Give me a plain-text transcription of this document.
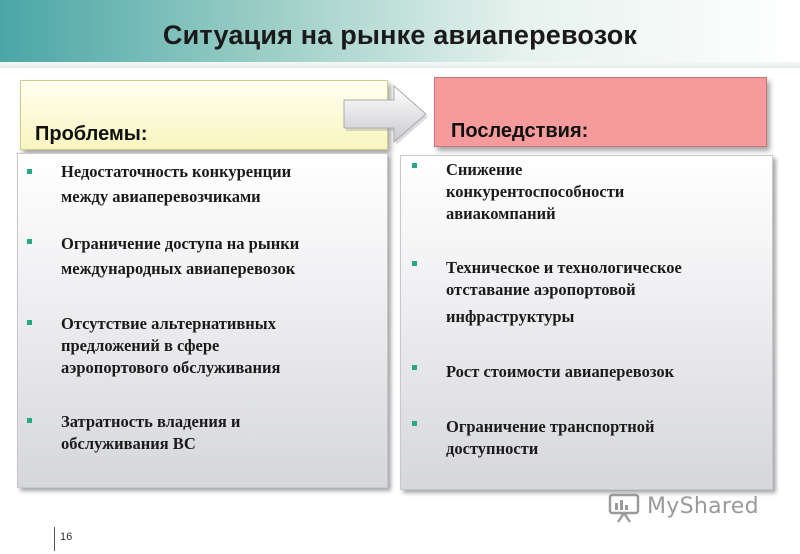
Ситуация на рынке авиаперевозок
Проблемы:	Последствия:
Недостаточность конкуренции
между авиаперевозчиками
Ограничение доступа на рынки
международных авиаперевозок
Отсутствие альтернативных
предложений в сфере
аэропортового обслуживания
Затратность владения и
обслуживания ВС
Снижение
конкурентоспособности
авиакомпаний
Техническое и технологическое
отставание аэропортовой
инфраструктуры
Рост стоимости авиаперевозок
Ограничение транспортной
доступности
16
MyShared
